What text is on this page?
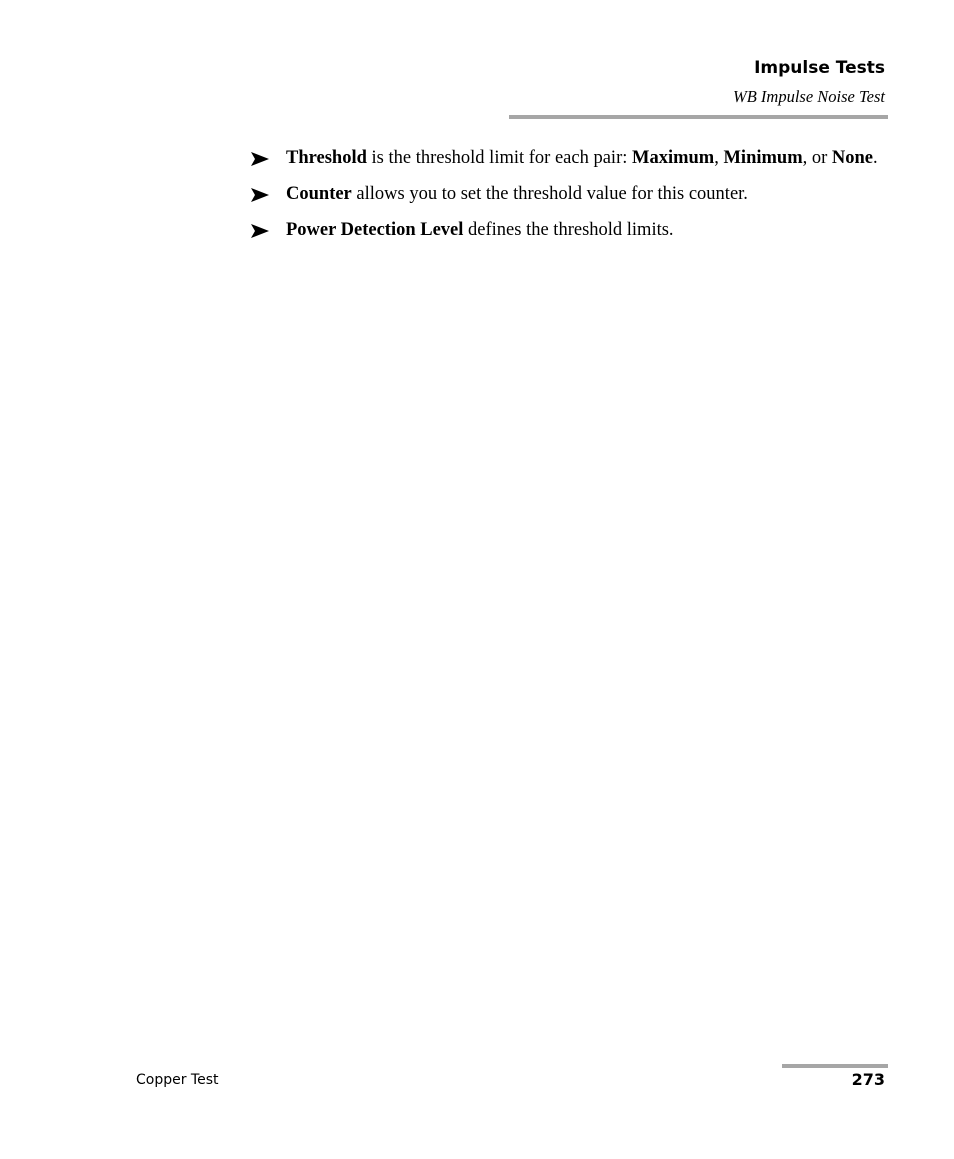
Impulse Tests
WB Impulse Noise Test
Threshold is the threshold limit for each pair: Maximum, Minimum, or None.
Counter allows you to set the threshold value for this counter.
Power Detection Level defines the threshold limits.
Copper Test	273
